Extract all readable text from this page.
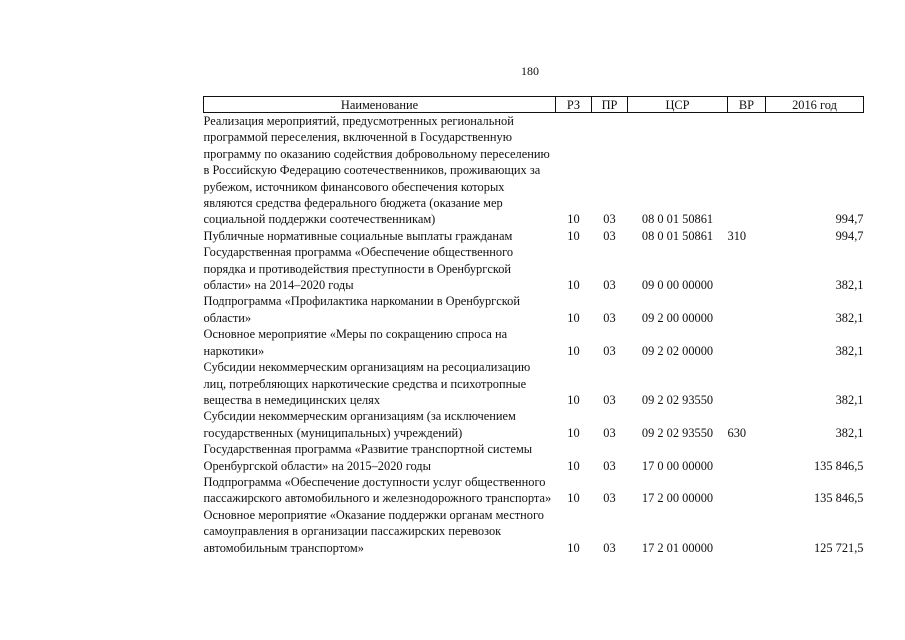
180
Наименование	РЗ	ПР	ЦСР	ВР	2016 год
Реализация мероприятий, предусмотренных региональной программой переселения, включенной в Государственную программу по оказанию содействия добровольному переселению в Российскую Федерацию соотечественников, проживающих за рубежом, источником финансового обеспечения которых являются средства федерального бюджета (оказание мер социальной поддержки соотечественникам)	10	03	08 0 01 50861		994,7
Публичные нормативные социальные выплаты гражданам	10	03	08 0 01 50861	310	994,7
Государственная программа «Обеспечение общественного порядка и противодействия преступности в Оренбургской области» на 2014–2020 годы	10	03	09 0 00 00000		382,1
Подпрограмма «Профилактика наркомании в Оренбургской области»	10	03	09 2 00 00000		382,1
Основное мероприятие «Меры по сокращению спроса на наркотики»	10	03	09 2 02 00000		382,1
Субсидии некоммерческим организациям на ресоциализацию лиц, потребляющих наркотические средства и психотропные вещества в немедицинских целях	10	03	09 2 02 93550		382,1
Субсидии некоммерческим организациям (за исключением государственных (муниципальных) учреждений)	10	03	09 2 02 93550	630	382,1
Государственная программа «Развитие транспортной системы Оренбургской области» на 2015–2020 годы	10	03	17 0 00 00000		135 846,5
Подпрограмма «Обеспечение доступности услуг общественного пассажирского автомобильного и железнодорожного транспорта»	10	03	17 2 00 00000		135 846,5
Основное мероприятие «Оказание поддержки органам местного самоуправления в организации пассажирских перевозок автомобильным транспортом»	10	03	17 2 01 00000		125 721,5
